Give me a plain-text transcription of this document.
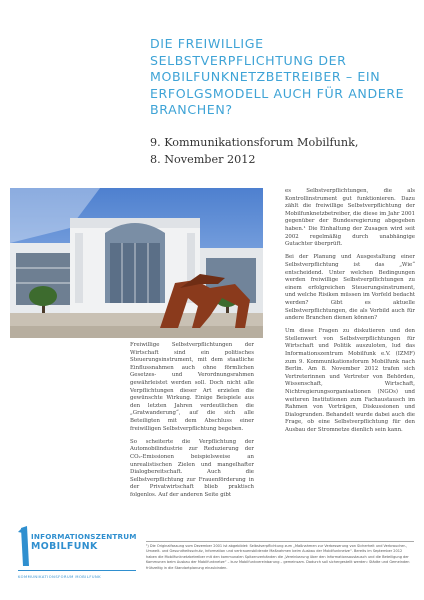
DIE FREIWILLIGE SELBSTVERPFLICHTUNG DER MOBILFUNKNETZBETREIBER – EIN ERFOLGSMODELL AUCH FÜR ANDERE BRANCHEN?
9. Kommunikationsforum Mobilfunk,
8. November 2012

Freiwillige Selbstverpflichtungen der Wirtschaft sind ein politisches Steuerungsinstrument, mit dem staatliche Einflussnahmen auch ohne förmlichen Gesetzes- und Verordnungsrahmen gewährleistet werden soll. Doch nicht alle Verpflichtungen dieser Art erzielen die gewünschte Wirkung. Einige Beispiele aus den letzten Jahren verdeutlichen die „Gratwanderung“, auf die sich alle Beteiligten mit dem Abschluss einer freiwilligen Selbstverpflichtung begeben.

So scheiterte die Verpflichtung der Automobilindustrie zur Reduzierung der CO₂-Emissionen beispielsweise an unrealistischen Zielen und mangelhafter Dialogbereitschaft. Auch die Selbstverpflichtung zur Frauenförderung in der Privatwirtschaft blieb praktisch folgenlos. Auf der anderen Seite gibt

es Selbstverpflichtungen, die als Kontrollinstrument gut funktionieren. Dazu zählt die freiwillige Selbstverpflichtung der Mobilfunknetzbetreiber, die diese im Jahr 2001 gegenüber der Bundesregierung abgegeben haben.¹ Die Einhaltung der Zusagen wird seit 2002 regelmäßig durch unabhängige Gutachter überprüft.

Bei der Planung und Ausgestaltung einer Selbstverpflichtung ist das „Wie“ entscheidend. Unter welchen Bedingungen werden freiwillige Selbstverpflichtungen zu einem erfolgreichen Steuerungsinstrument, und welche Risiken müssen im Vorfeld bedacht werden? Gibt es aktuelle Selbstverpflichtungen, die als Vorbild auch für andere Branchen dienen können?

Um diese Fragen zu diskutieren und den Stellenwert von Selbstverpflichtungen für Wirtschaft und Politik auszuloten, lud das Informationszentrum Mobilfunk e.V. (IZMF) zum 9. Kommunikationsforum Mobilfunk nach Berlin. Am 8. November 2012 trafen sich Vertreterinnen und Vertreter von Behörden, Wissenschaft, Wirtschaft, Nichtregierungsorganisationen (NGOs) und weiteren Institutionen zum Fachaustausch im Rahmen von Vorträgen, Diskussionen und Dialogrunden. Behandelt wurde dabei auch die Frage, ob eine Selbstverpflichtung für den Ausbau der Stromnetze dienlich sein kann.

INFORMATIONSZENTRUM
MOBILFUNK
KOMMUNIKATIONSFORUM MOBILFUNK
¹) Die Originalfassung vom Dezember 2001 ist abgebildet: Selbstverpflichtung zum „Maßnahmen zur Verbesserung von Sicherheit und Verbraucher-, Umwelt- und Gesundheitsschutz, Information und vertrauensbildende Maßnahmen beim Ausbau der Mobilfunknetze“. Bereits im September 2012 haben die Mobilfunknetzbetreiber mit den kommunalen Spitzenverbänden die „Vereinbarung über den Informationsaustausch und die Beteiligung der Kommunen beim Ausbau der Mobilfunknetze“ – kurz Mobilfunkvereinbarung – gemeinsam. Dadurch soll sichergestellt werden: Städte und Gemeinden frühzeitig in die Standortplanung einzubinden.
